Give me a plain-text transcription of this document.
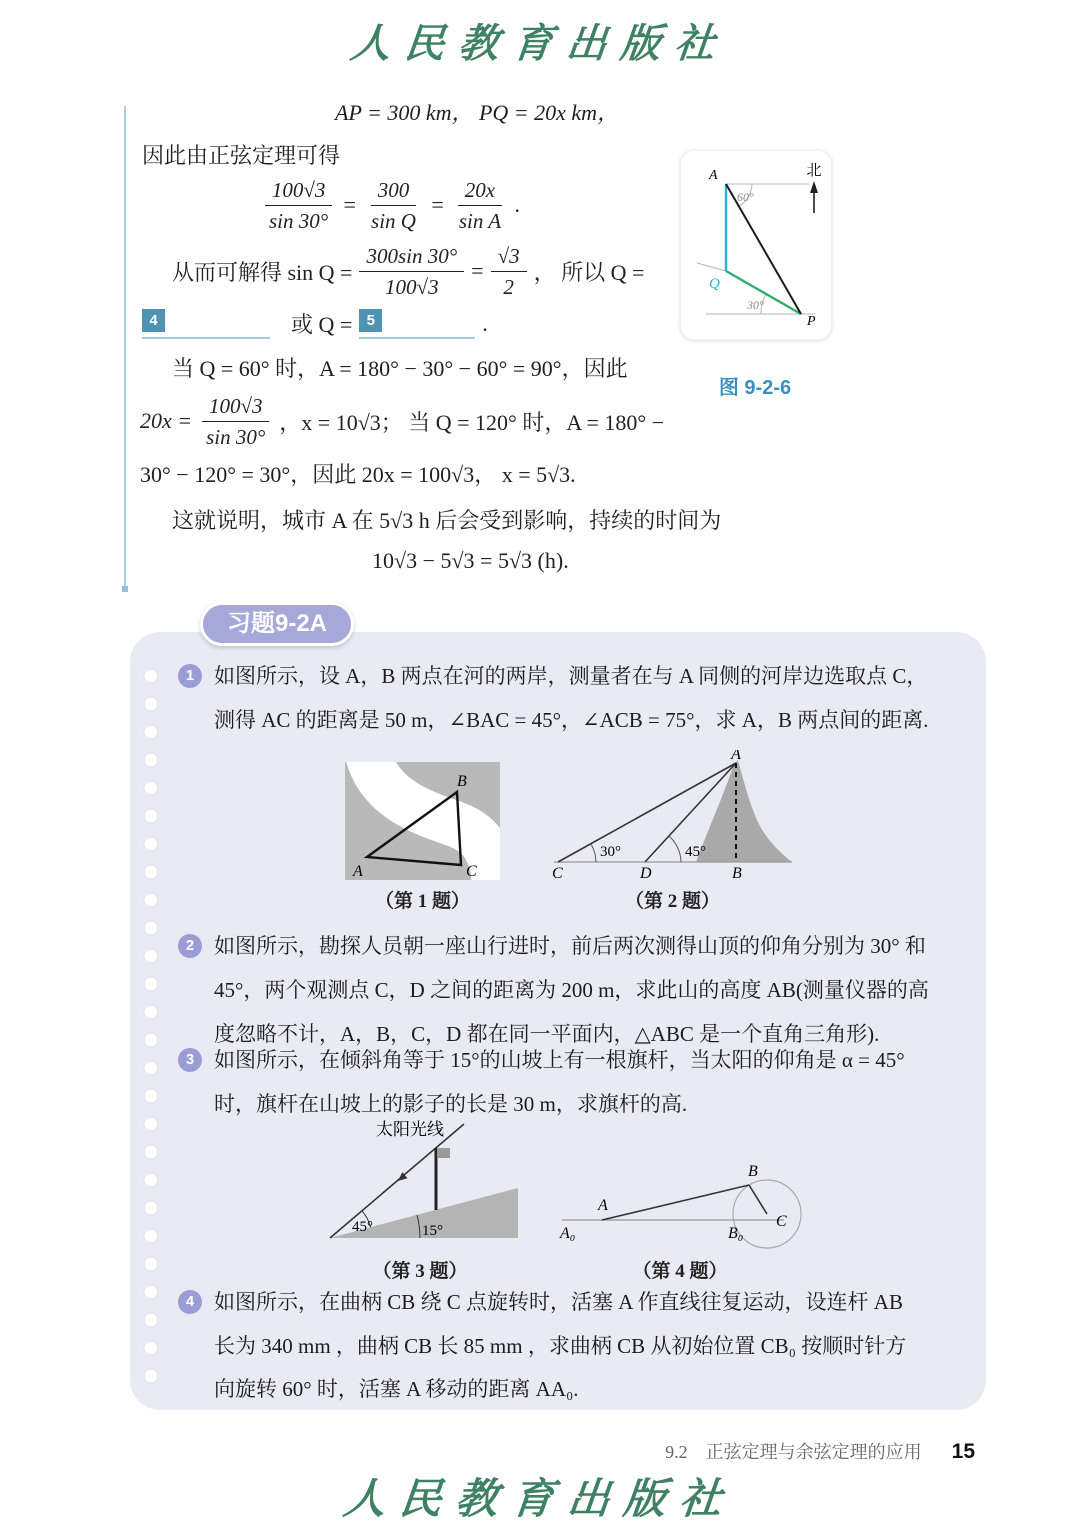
人民教育出版社
AP = 300 km， PQ = 20x km，
因此由正弦定理可得
$\frac{100√3}{\sin 30^\circ} = \frac{300}{\text{sin Q}} = \frac{20x}{\text{sin A}}$ .
从而可解得 $\sin Q = \frac{300\sin 30^\circ}{100√3} = \frac{√3}{2}$ ， 所以 Q =
4	或 Q = 5	.
当 Q = 60° 时，A = 180° − 30° − 60° = 90°，因此
$20x = \frac{100√3}{\sin 30^\circ}$ ，x = 10√3； 当 Q = 120° 时，A = 180° −
30° − 120° = 30°，因此 20x = 100√3， x = 5√3.
这就说明，城市 A 在 5√3 h 后会受到影响，持续的时间为
10√3 − 5√3 = 5√3 (h).
北
60°
30°
A
Q
P
图 9-2-6
习题9-2A
1 如图所示，设 A，B 两点在河的两岸，测量者在与 A 同侧的河岸边选取点 C，
测得 AC 的距离是 50 m，∠BAC = 45°，∠ACB = 75°，求 A，B 两点间的距离.
B
A	C
30°	45°
A
C	D	B
（第 1 题）	（第 2 题）
2 如图所示，勘探人员朝一座山行进时，前后两次测得山顶的仰角分别为 30° 和
45°，两个观测点 C，D 之间的距离为 200 m，求此山的高度 AB(测量仪器的高
度忽略不计，A，B，C，D 都在同一平面内，△ABC 是一个直角三角形).
3 如图所示，在倾斜角等于 15°的山坡上有一根旗杆，当太阳的仰角是 α = 45°
时，旗杆在山坡上的影子的长是 30 m，求旗杆的高.
太阳光线
45°	15°
A
A₀
B
B₀
C
（第 3 题）	（第 4 题）
4 如图所示，在曲柄 CB 绕 C 点旋转时，活塞 A 作直线往复运动，设连杆 AB
长为 340 mm ，曲柄 CB 长 85 mm ，求曲柄 CB 从初始位置 CB₀ 按顺时针方
向旋转 60° 时，活塞 A 移动的距离 AA₀.
9.2　正弦定理与余弦定理的应用 15
人民教育出版社
